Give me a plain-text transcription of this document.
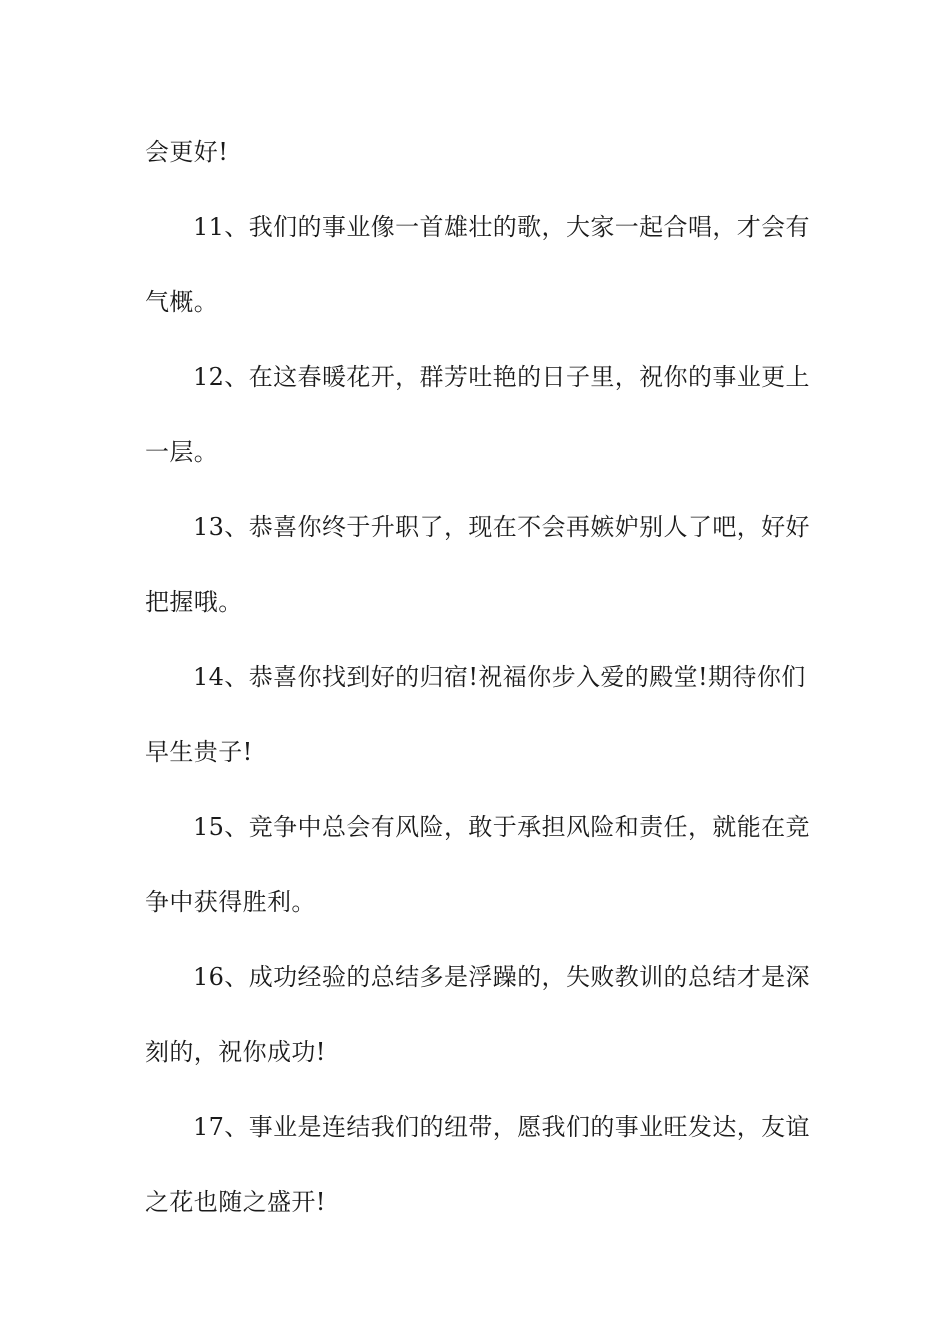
会更好!
11、我们的事业像一首雄壮的歌，大家一起合唱，才会有
气概。
12、在这春暖花开，群芳吐艳的日子里，祝你的事业更上
一层。
13、恭喜你终于升职了，现在不会再嫉妒别人了吧，好好
把握哦。
14、恭喜你找到好的归宿!祝福你步入爱的殿堂!期待你们
早生贵子!
15、竞争中总会有风险，敢于承担风险和责任，就能在竞
争中获得胜利。
16、成功经验的总结多是浮躁的，失败教训的总结才是深
刻的，祝你成功!
17、事业是连结我们的纽带，愿我们的事业旺发达，友谊
之花也随之盛开!
